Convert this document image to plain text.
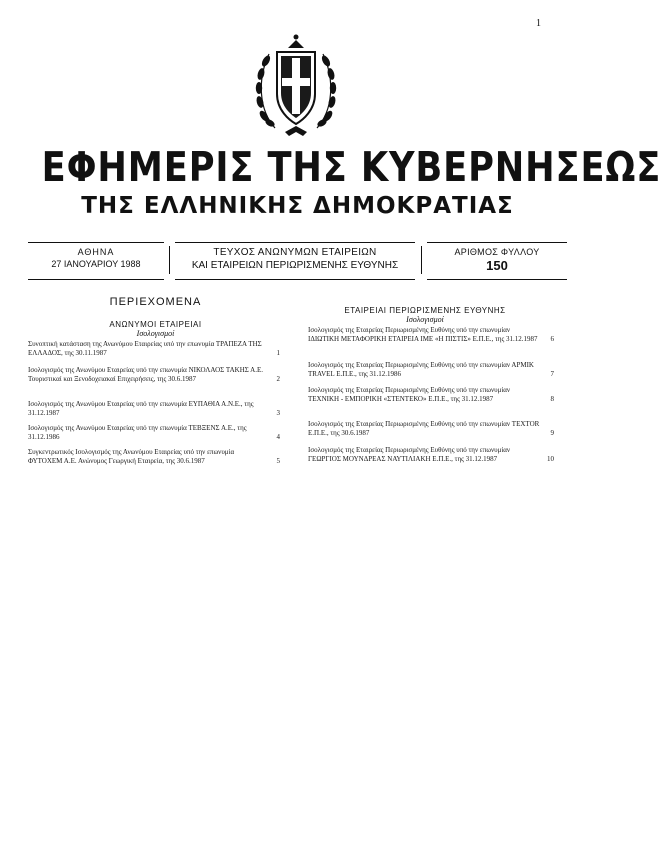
1
ΕΦΗΜΕΡΙΣ ΤΗΣ ΚΥΒΕΡΝΗΣΕΩΣ
ΤΗΣ ΕΛΛΗΝΙΚΗΣ ΔΗΜΟΚΡΑΤΙΑΣ
ΑΘΗΝΑ
27 ΙΑΝΟΥΑΡΙΟΥ 1988
ΤΕΥΧΟΣ ΑΝΩΝΥΜΩΝ ΕΤΑΙΡΕΙΩΝ
ΚΑΙ ΕΤΑΙΡΕΙΩΝ ΠΕΡΙΩΡΙΣΜΕΝΗΣ ΕΥΘΥΝΗΣ
ΑΡΙΘΜΟΣ ΦΥΛΛΟΥ
150
ΠΕΡΙΕΧΟΜΕΝΑ
ΑΝΩΝΥΜΟΙ ΕΤΑΙΡΕΙΑΙ
Ισολογισμοί
Συνοπτική κατάσταση της Ανωνύμου Εταιρείας υπό την επωνυμία ΤΡΑΠΕΖΑ ΤΗΣ ΕΛΛΑΔΟΣ, της 30.11.1987	1
Ισολογισμός της Ανωνύμου Εταιρείας υπό την επωνυμία ΝΙΚΟΛΑΟΣ ΤΑΚΗΣ Α.Ε. Τουριστικαί και Ξενοδοχειακαί Επιχειρήσεις, της 30.6.1987	2
Ισολογισμός της Ανωνύμου Εταιρείας υπό την επωνυμία ΕΥΠΑΘΙΑ Α.Ν.Ε., της 31.12.1987	3
Ισολογισμός της Ανωνύμου Εταιρείας υπό την επωνυμία ΤΕΒΞΕΝΣ Α.Ε., της 31.12.1986	4
Συγκεντρωτικός Ισολογισμός της Ανωνύμου Εταιρείας υπό την επωνυμία ΦΥΤΟΧΕΜ Α.Ε. Ανώνυμος Γεωργική Εταιρεία, της 30.6.1987	5
ΕΤΑΙΡΕΙΑΙ ΠΕΡΙΩΡΙΣΜΕΝΗΣ ΕΥΘΥΝΗΣ
Ισολογισμοί
Ισολογισμός της Εταιρείας Περιωρισμένης Ευθύνης υπό την επωνυμίαν ΙΔΙΩΤΙΚΗ ΜΕΤΑΦΟΡΙΚΗ ΕΤΑΙΡΕΙΑ ΙΜΕ «Η ΠΙΣΤΙΣ» Ε.Π.Ε., της 31.12.1987 6
Ισολογισμός της Εταιρείας Περιωρισμένης Ευθύνης υπό την επωνυμίαν ΑΡΜΙΚ TRAVEL Ε.Π.Ε., της 31.12.1986	7
Ισολογισμός της Εταιρείας Περιωρισμένης Ευθύνης υπό την επωνυμίαν ΤΕΧΝΙΚΗ - ΕΜΠΟΡΙΚΗ «ΣΤΕΝΤΕΚΟ» Ε.Π.Ε., της 31.12.1987	8
Ισολογισμός της Εταιρείας Περιωρισμένης Ευθύνης υπό την επωνυμίαν TEXTOR Ε.Π.Ε., της 30.6.1987	9
Ισολογισμός της Εταιρείας Περιωρισμένης Ευθύνης υπό την επωνυμίαν ΓΕΩΡΓΙΟΣ ΜΟΥΝΔΡΕΑΣ ΝΑΥΤΙΛΙΑΚΗ Ε.Π.Ε., της 31.12.1987	10
